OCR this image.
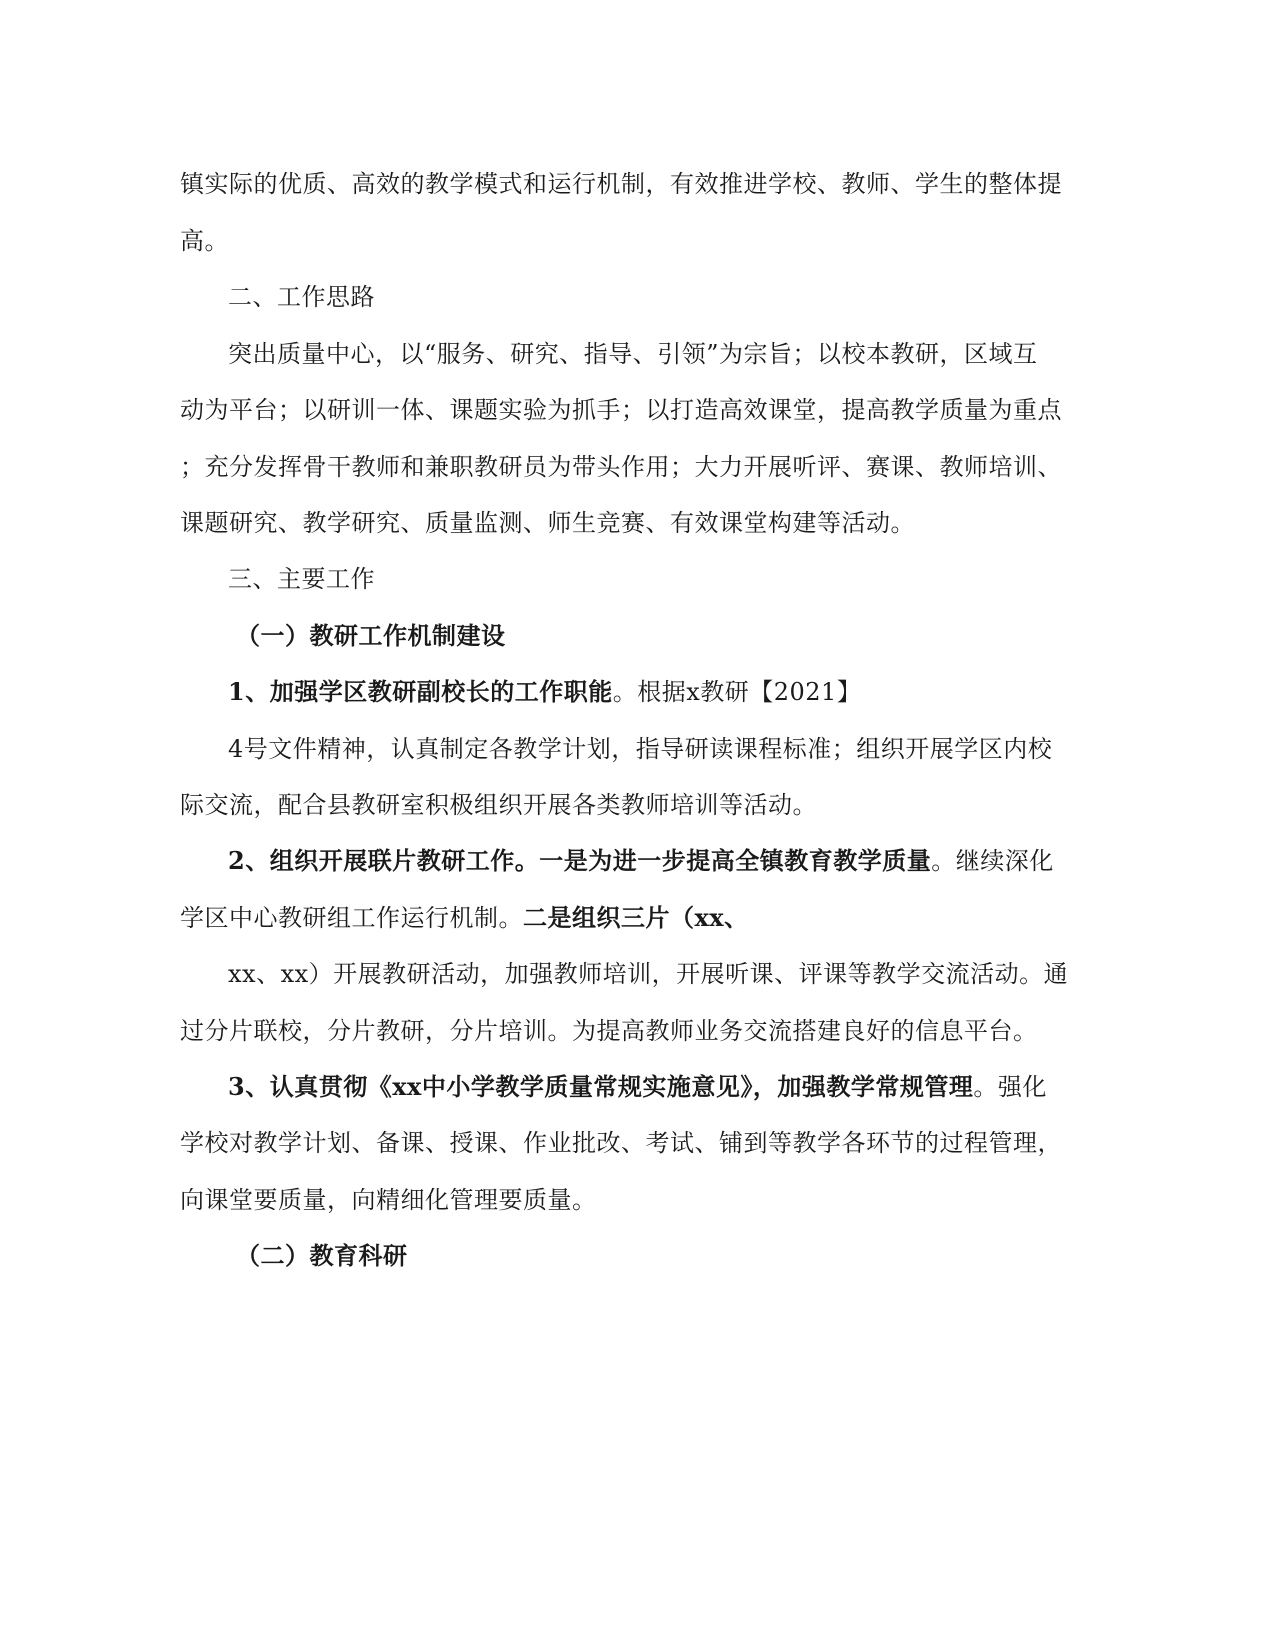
镇实际的优质、高效的教学模式和运行机制，有效推进学校、教师、学生的整体提
高。
二、工作思路
突出质量中心，以“服务、研究、指导、引领”为宗旨；以校本教研，区域互
动为平台；以研训一体、课题实验为抓手；以打造高效课堂，提高教学质量为重点
；充分发挥骨干教师和兼职教研员为带头作用；大力开展听评、赛课、教师培训、
课题研究、教学研究、质量监测、师生竞赛、有效课堂构建等活动。
三、主要工作
（一）教研工作机制建设
1、加强学区教研副校长的工作职能。根据x教研【2021】
4号文件精神，认真制定各教学计划，指导研读课程标准；组织开展学区内校
际交流，配合县教研室积极组织开展各类教师培训等活动。
2、组织开展联片教研工作。一是为进一步提高全镇教育教学质量。继续深化
学区中心教研组工作运行机制。二是组织三片（xx、
xx、xx）开展教研活动，加强教师培训，开展听课、评课等教学交流活动。通
过分片联校，分片教研，分片培训。为提高教师业务交流搭建良好的信息平台。
3、认真贯彻《xx中小学教学质量常规实施意见》，加强教学常规管理。强化
学校对教学计划、备课、授课、作业批改、考试、铺到等教学各环节的过程管理，
向课堂要质量，向精细化管理要质量。
（二）教育科研
